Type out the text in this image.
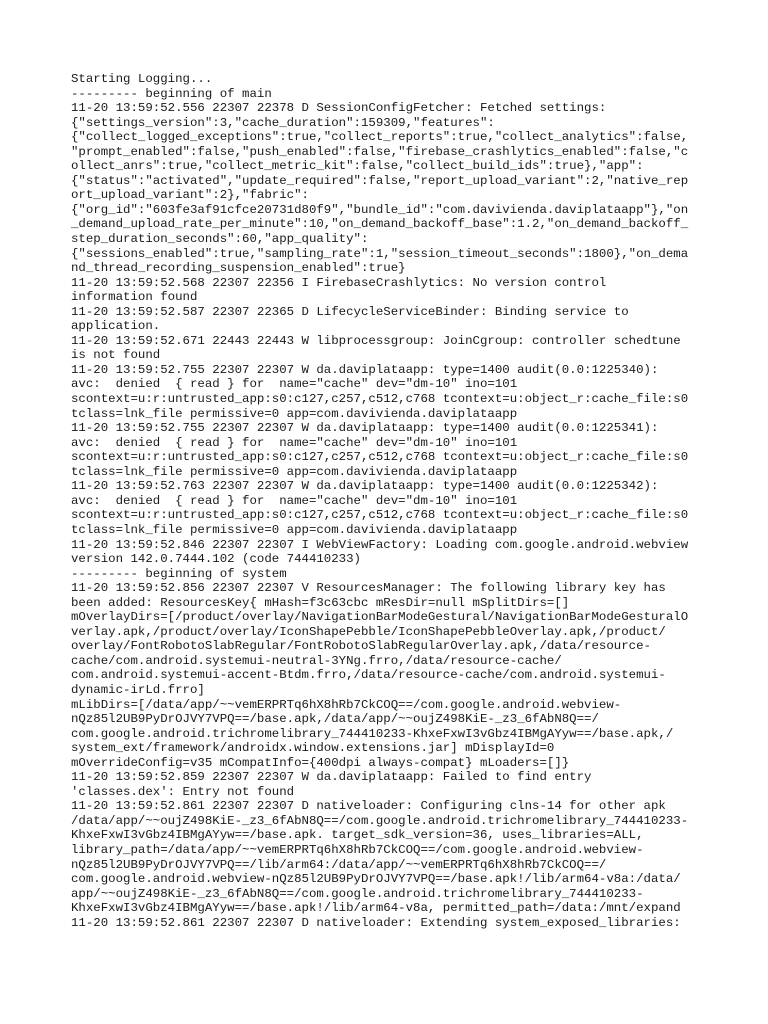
Starting Logging...
--------- beginning of main
11-20 13:59:52.556 22307 22378 D SessionConfigFetcher: Fetched settings:
{"settings_version":3,"cache_duration":159309,"features":
{"collect_logged_exceptions":true,"collect_reports":true,"collect_analytics":false,
"prompt_enabled":false,"push_enabled":false,"firebase_crashlytics_enabled":false,"c
ollect_anrs":true,"collect_metric_kit":false,"collect_build_ids":true},"app":
{"status":"activated","update_required":false,"report_upload_variant":2,"native_rep
ort_upload_variant":2},"fabric":
{"org_id":"603fe3af91cfce20731d80f9","bundle_id":"com.davivienda.daviplataapp"},"on
_demand_upload_rate_per_minute":10,"on_demand_backoff_base":1.2,"on_demand_backoff_
step_duration_seconds":60,"app_quality":
{"sessions_enabled":true,"sampling_rate":1,"session_timeout_seconds":1800},"on_dema
nd_thread_recording_suspension_enabled":true}
11-20 13:59:52.568 22307 22356 I FirebaseCrashlytics: No version control
information found
11-20 13:59:52.587 22307 22365 D LifecycleServiceBinder: Binding service to
application.
11-20 13:59:52.671 22443 22443 W libprocessgroup: JoinCgroup: controller schedtune
is not found
11-20 13:59:52.755 22307 22307 W da.daviplataapp: type=1400 audit(0.0:1225340):
avc:  denied  { read } for  name="cache" dev="dm-10" ino=101
scontext=u:r:untrusted_app:s0:c127,c257,c512,c768 tcontext=u:object_r:cache_file:s0
tclass=lnk_file permissive=0 app=com.davivienda.daviplataapp
11-20 13:59:52.755 22307 22307 W da.daviplataapp: type=1400 audit(0.0:1225341):
avc:  denied  { read } for  name="cache" dev="dm-10" ino=101
scontext=u:r:untrusted_app:s0:c127,c257,c512,c768 tcontext=u:object_r:cache_file:s0
tclass=lnk_file permissive=0 app=com.davivienda.daviplataapp
11-20 13:59:52.763 22307 22307 W da.daviplataapp: type=1400 audit(0.0:1225342):
avc:  denied  { read } for  name="cache" dev="dm-10" ino=101
scontext=u:r:untrusted_app:s0:c127,c257,c512,c768 tcontext=u:object_r:cache_file:s0
tclass=lnk_file permissive=0 app=com.davivienda.daviplataapp
11-20 13:59:52.846 22307 22307 I WebViewFactory: Loading com.google.android.webview
version 142.0.7444.102 (code 744410233)
--------- beginning of system
11-20 13:59:52.856 22307 22307 V ResourcesManager: The following library key has
been added: ResourcesKey{ mHash=f3c63cbc mResDir=null mSplitDirs=[]
mOverlayDirs=[/product/overlay/NavigationBarModeGestural/NavigationBarModeGesturalO
verlay.apk,/product/overlay/IconShapePebble/IconShapePebbleOverlay.apk,/product/
overlay/FontRobotoSlabRegular/FontRobotoSlabRegularOverlay.apk,/data/resource-
cache/com.android.systemui-neutral-3YNg.frro,/data/resource-cache/
com.android.systemui-accent-Btdm.frro,/data/resource-cache/com.android.systemui-
dynamic-irLd.frro]
mLibDirs=[/data/app/~~vemERPRTq6hX8hRb7CkCOQ==/com.google.android.webview-
nQz85l2UB9PyDrOJVY7VPQ==/base.apk,/data/app/~~oujZ498KiE-_z3_6fAbN8Q==/
com.google.android.trichromelibrary_744410233-KhxeFxwI3vGbz4IBMgAYyw==/base.apk,/
system_ext/framework/androidx.window.extensions.jar] mDisplayId=0
mOverrideConfig=v35 mCompatInfo={400dpi always-compat} mLoaders=[]}
11-20 13:59:52.859 22307 22307 W da.daviplataapp: Failed to find entry
'classes.dex': Entry not found
11-20 13:59:52.861 22307 22307 D nativeloader: Configuring clns-14 for other apk
/data/app/~~oujZ498KiE-_z3_6fAbN8Q==/com.google.android.trichromelibrary_744410233-
KhxeFxwI3vGbz4IBMgAYyw==/base.apk. target_sdk_version=36, uses_libraries=ALL,
library_path=/data/app/~~vemERPRTq6hX8hRb7CkCOQ==/com.google.android.webview-
nQz85l2UB9PyDrOJVY7VPQ==/lib/arm64:/data/app/~~vemERPRTq6hX8hRb7CkCOQ==/
com.google.android.webview-nQz85l2UB9PyDrOJVY7VPQ==/base.apk!/lib/arm64-v8a:/data/
app/~~oujZ498KiE-_z3_6fAbN8Q==/com.google.android.trichromelibrary_744410233-
KhxeFxwI3vGbz4IBMgAYyw==/base.apk!/lib/arm64-v8a, permitted_path=/data:/mnt/expand
11-20 13:59:52.861 22307 22307 D nativeloader: Extending system_exposed_libraries:
